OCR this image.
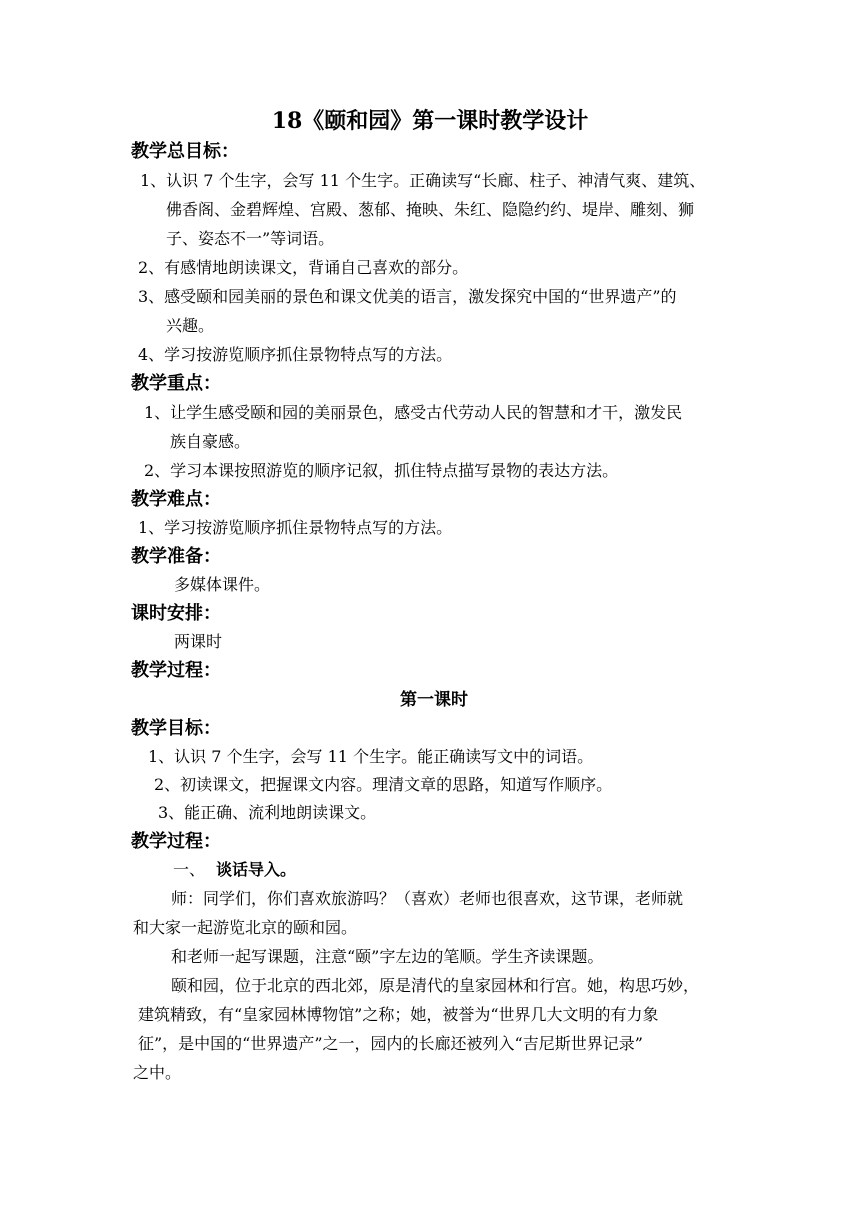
18《颐和园》第一课时教学设计
教学总目标：
1、认识 7 个生字，会写 11 个生字。正确读写“长廊、柱子、神清气爽、建筑、
佛香阁、金碧辉煌、宫殿、葱郁、掩映、朱红、隐隐约约、堤岸、雕刻、狮
子、姿态不一”等词语。
2、有感情地朗读课文，背诵自己喜欢的部分。
3、感受颐和园美丽的景色和课文优美的语言，激发探究中国的“世界遗产”的
兴趣。
4、学习按游览顺序抓住景物特点写的方法。
教学重点：
1、让学生感受颐和园的美丽景色，感受古代劳动人民的智慧和才干，激发民
族自豪感。
2、学习本课按照游览的顺序记叙，抓住特点描写景物的表达方法。
教学难点：
1、学习按游览顺序抓住景物特点写的方法。
教学准备：
多媒体课件。
课时安排：
两课时
教学过程：
第一课时
教学目标：
1、认识 7 个生字，会写 11 个生字。能正确读写文中的词语。
2、初读课文，把握课文内容。理清文章的思路，知道写作顺序。
3、能正确、流利地朗读课文。
教学过程：
一、 谈话导入。
师：同学们，你们喜欢旅游吗？（喜欢）老师也很喜欢，这节课，老师就
和大家一起游览北京的颐和园。
和老师一起写课题，注意“颐”字左边的笔顺。学生齐读课题。
颐和园，位于北京的西北郊，原是清代的皇家园林和行宫。她，构思巧妙，
建筑精致，有“皇家园林博物馆”之称；她，被誉为“世界几大文明的有力象
征”，是中国的“世界遗产”之一，园内的长廊还被列入“吉尼斯世界记录”
之中。
